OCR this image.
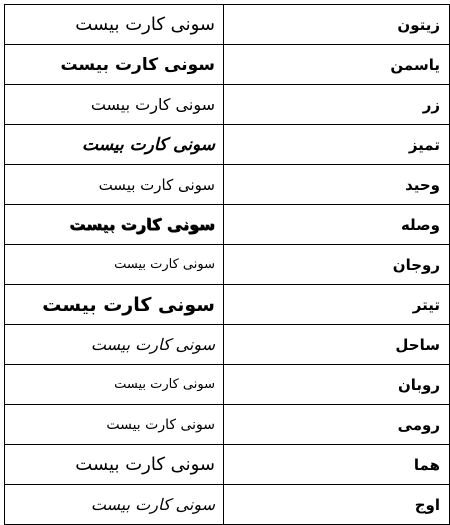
سونی کارت بیست	زيتون
سونی کارت بیست	ياسمن
سونی کارت بیست	زر
سونی کارت بیست	تميز
سونی کارت بیست	وحيد
سونی کارت بیست	وصله
سونی کارت بیست	روجان
سونی کارت بیست	تيتر
سونی کارت بیست	ساحل
سونی کارت بیست	روبان
سونی کارت بیست	رومی
سونی کارت بیست	هما
سونی کارت بیست	اوج
